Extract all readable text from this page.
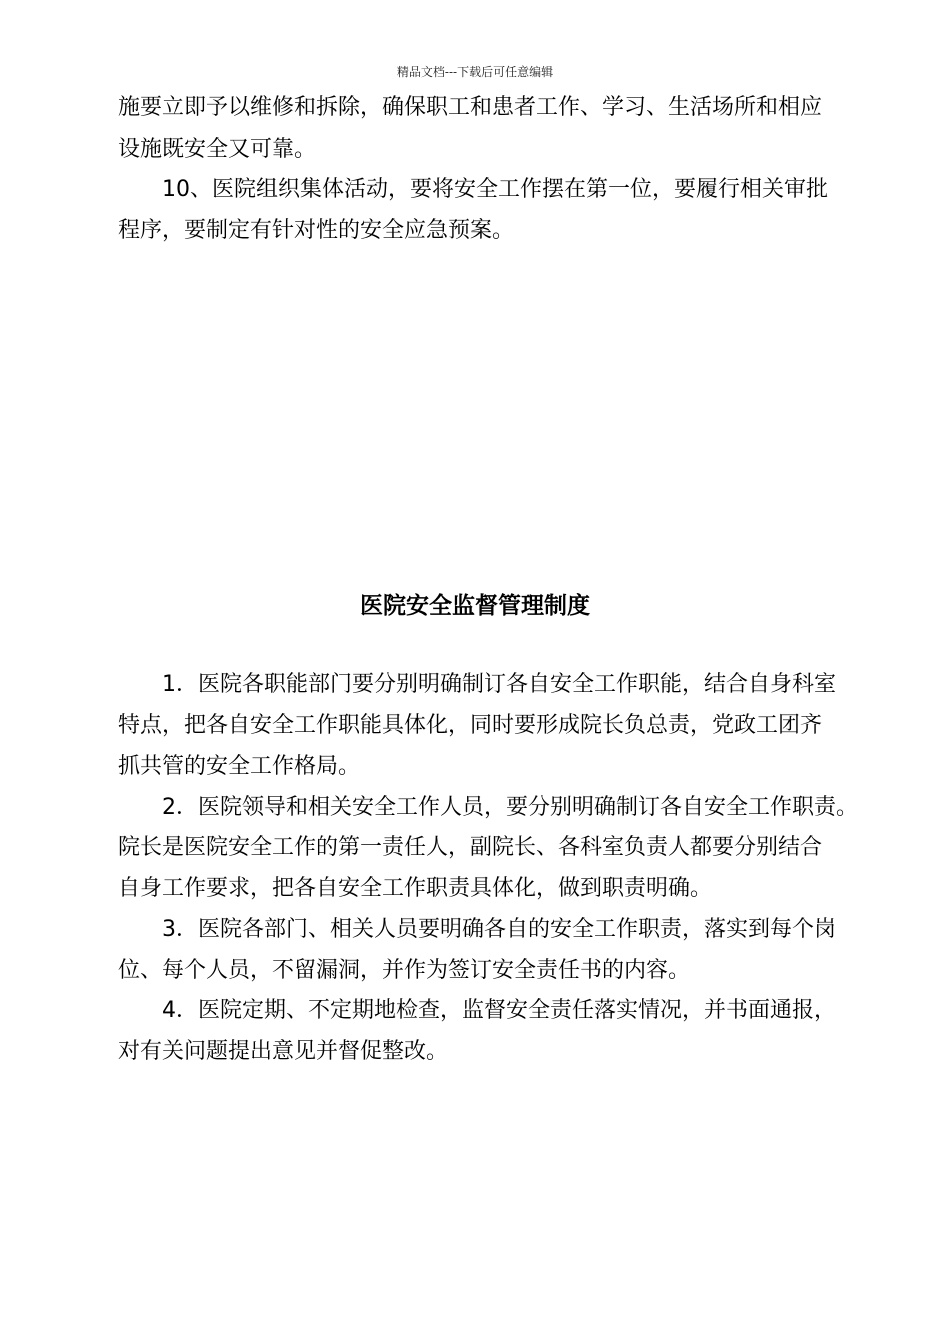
精品文档---下载后可任意编辑
施要立即予以维修和拆除，确保职工和患者工作、学习、生活场所和相应
设施既安全又可靠。
10、医院组织集体活动，要将安全工作摆在第一位，要履行相关审批
程序，要制定有针对性的安全应急预案。
医院安全监督管理制度
1．医院各职能部门要分别明确制订各自安全工作职能，结合自身科室
特点，把各自安全工作职能具体化，同时要形成院长负总责，党政工团齐
抓共管的安全工作格局。
2．医院领导和相关安全工作人员，要分别明确制订各自安全工作职责。
院长是医院安全工作的第一责任人，副院长、各科室负责人都要分别结合
自身工作要求，把各自安全工作职责具体化，做到职责明确。
3．医院各部门、相关人员要明确各自的安全工作职责，落实到每个岗
位、每个人员，不留漏洞，并作为签订安全责任书的内容。
4．医院定期、不定期地检查，监督安全责任落实情况，并书面通报，
对有关问题提出意见并督促整改。
